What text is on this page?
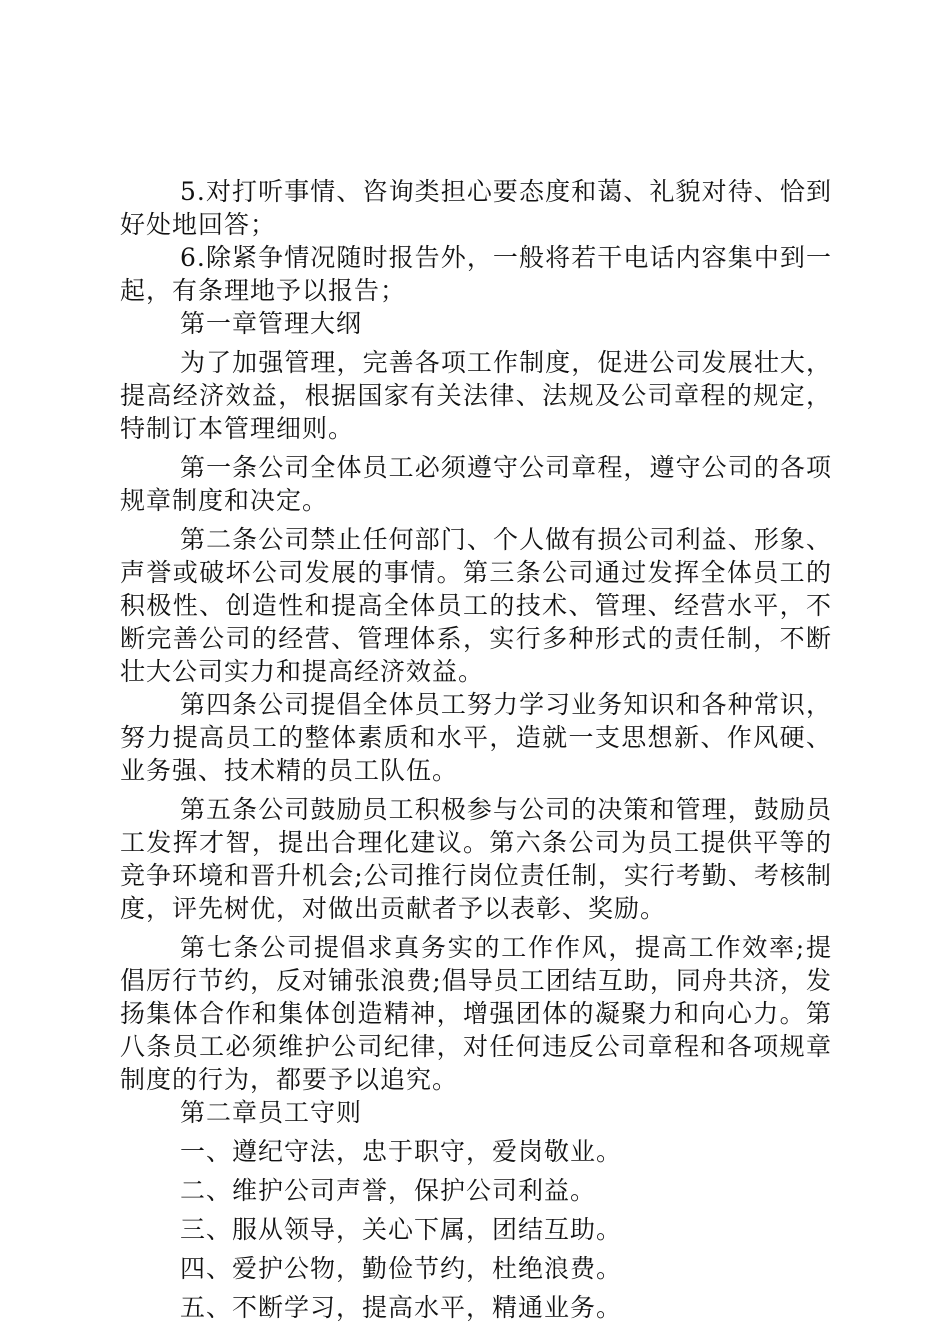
5.对打听事情、咨询类担心要态度和蔼、礼貌对待、恰到好处地回答；

6.除紧争情况随时报告外，一般将若干电话内容集中到一起，有条理地予以报告；

第一章管理大纲

为了加强管理，完善各项工作制度，促进公司发展壮大，提高经济效益，根据国家有关法律、法规及公司章程的规定，特制订本管理细则。

第一条公司全体员工必须遵守公司章程，遵守公司的各项规章制度和决定。

第二条公司禁止任何部门、个人做有损公司利益、形象、声誉或破坏公司发展的事情。第三条公司通过发挥全体员工的积极性、创造性和提高全体员工的技术、管理、经营水平，不断完善公司的经营、管理体系，实行多种形式的责任制，不断壮大公司实力和提高经济效益。

第四条公司提倡全体员工努力学习业务知识和各种常识，努力提高员工的整体素质和水平，造就一支思想新、作风硬、业务强、技术精的员工队伍。

第五条公司鼓励员工积极参与公司的决策和管理，鼓励员工发挥才智，提出合理化建议。第六条公司为员工提供平等的竞争环境和晋升机会;公司推行岗位责任制，实行考勤、考核制度，评先树优，对做出贡献者予以表彰、奖励。

第七条公司提倡求真务实的工作作风，提高工作效率;提倡厉行节约，反对铺张浪费;倡导员工团结互助，同舟共济，发扬集体合作和集体创造精神，增强团体的凝聚力和向心力。第八条员工必须维护公司纪律，对任何违反公司章程和各项规章制度的行为，都要予以追究。

第二章员工守则

一、遵纪守法，忠于职守，爱岗敬业。

二、维护公司声誉，保护公司利益。

三、服从领导，关心下属，团结互助。

四、爱护公物，勤俭节约，杜绝浪费。

五、不断学习，提高水平，精通业务。
